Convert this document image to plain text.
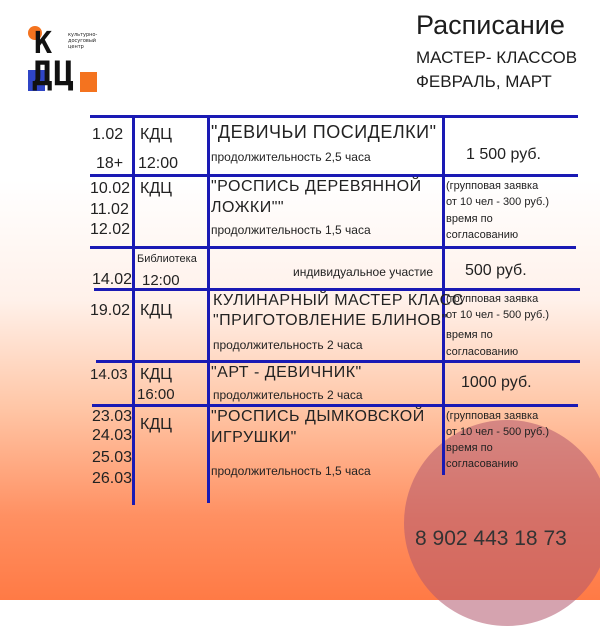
К
ДЦ
культурно-досуговый центр
Расписание
МАСТЕР- КЛАССОВ
ФЕВРАЛЬ, МАРТ
1.02
18+
КДЦ
12:00
"ДЕВИЧЬИ ПОСИДЕЛКИ"
продолжительность 2,5 часа	1 500 руб.
10.02
11.02
12.02
КДЦ "РОСПИСЬ ДЕРЕВЯННОЙ
ЛОЖКИ""
продолжительность 1,5 часа
(групповая заявка
от 10 чел - 300 руб.)
время по
согласованию
14.02
Библиотека
12:00	индивидуальное участие 500 руб.
19.02 КДЦ
КУЛИНАРНЫЙ МАСТЕР КЛАСС
"ПРИГОТОВЛЕНИЕ БЛИНОВ"
продолжительность 2 часа
(групповая заявка
от 10 чел - 500 руб.)
время по
согласованию
14.03 КДЦ
16:00
"АРТ - ДЕВИЧНИК"
продолжительность 2 часа
1000 руб.
23.03
24.03
25.03
26.03
КДЦ "РОСПИСЬ ДЫМКОВСКОЙ
ИГРУШКИ"
продолжительность 1,5 часа
(групповая заявка
от 10 чел - 500 руб.)
время по
согласованию
8 902 443 18 73
